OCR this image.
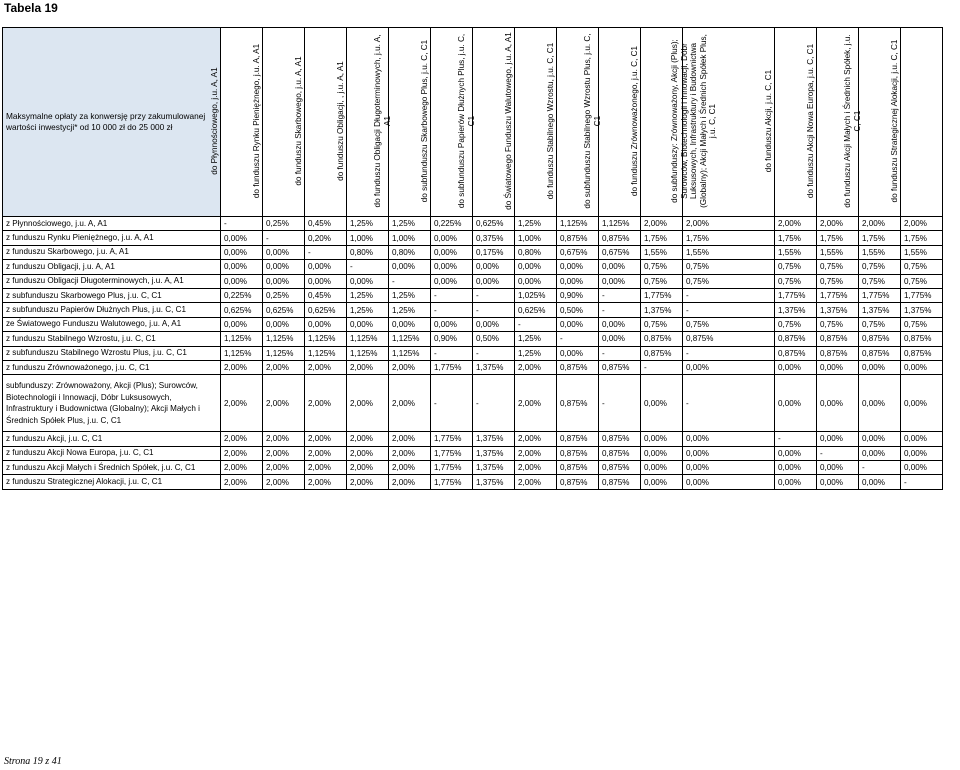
Tabela 19
Maksymalne opłaty za konwersję przy zakumulowanej wartości inwestycji* od 10 000 zł do 25 000 zł	do Płynnościowego, j.u. A, A1	do funduszu Rynku Pieniężnego, j.u. A, A1	do funduszu Skarbowego, j.u. A, A1	do funduszu Obligacji, , j.u. A, A1	do funduszu Obligacji Długoterminowych, j.u. A, A1	do subfunduszu Skarbowego Plus, j.u. C, C1	do subfunduszu Papierów Dłużnych Plus, j.u. C, C1	do Światowego Funduszu Walutowego, j.u. A, A1	do funduszu Stabilnego Wzrostu, j.u. C, C1	do subfunduszu Stabilnego Wzrostu Plus, j.u. C, C1	do funduszu Zrównoważonego, j.u. C, C1	do subfunduszy: Zrównoważony, Akcji (Plus); Surowców, Biotechnologii i Innowacji, Dóbr Luksusowych, Infrastruktury i Budownictwa (Globalny); Akcji Małych i Średnich Spółek Plus, j.u. C, C1	do funduszu Akcji, j.u. C, C1	do funduszu Akcji Nowa Europa, j.u. C, C1	do funduszu Akcji Małych i Średnich Spółek, j.u. C, C1	do funduszu Strategicznej Alokacji, j.u. C, C1

z Płynnościowego, j.u. A, A1	-	0,25%	0,45%	1,25%	1,25%	0,225%	0,625%	1,25%	1,125%	1,125%	2,00%	2,00%	2,00%	2,00%	2,00%	2,00%
z funduszu Rynku Pieniężnego, j.u. A, A1	0,00%	-	0,20%	1,00%	1,00%	0,00%	0,375%	1,00%	0,875%	0,875%	1,75%	1,75%	1,75%	1,75%	1,75%	1,75%
z funduszu Skarbowego, j.u. A, A1	0,00%	0,00%	-	0,80%	0,80%	0,00%	0,175%	0,80%	0,675%	0,675%	1,55%	1,55%	1,55%	1,55%	1,55%	1,55%
z funduszu Obligacji, j.u. A, A1	0,00%	0,00%	0,00%	-	0,00%	0,00%	0,00%	0,00%	0,00%	0,00%	0,75%	0,75%	0,75%	0,75%	0,75%	0,75%
z funduszu Obligacji Długoterminowych, j.u. A, A1	0,00%	0,00%	0,00%	0,00%	-	0,00%	0,00%	0,00%	0,00%	0,00%	0,75%	0,75%	0,75%	0,75%	0,75%	0,75%
z subfunduszu Skarbowego Plus, j.u. C, C1	0,225%	0,25%	0,45%	1,25%	1,25%	-	-	1,025%	0,90%	-	1,775%	-	1,775%	1,775%	1,775%	1,775%
z subfunduszu Papierów Dłużnych Plus, j.u. C, C1	0,625%	0,625%	0,625%	1,25%	1,25%	-	-	0,625%	0,50%	-	1,375%	-	1,375%	1,375%	1,375%	1,375%
ze Światowego Funduszu Walutowego, j.u. A, A1	0,00%	0,00%	0,00%	0,00%	0,00%	0,00%	0,00%	-	0,00%	0,00%	0,75%	0,75%	0,75%	0,75%	0,75%	0,75%
z funduszu Stabilnego Wzrostu, j.u. C, C1	1,125%	1,125%	1,125%	1,125%	1,125%	0,90%	0,50%	1,25%	-	0,00%	0,875%	0,875%	0,875%	0,875%	0,875%	0,875%
z subfunduszu Stabilnego Wzrostu Plus, j.u. C, C1	1,125%	1,125%	1,125%	1,125%	1,125%	-	-	1,25%	0,00%	-	0,875%	-	0,875%	0,875%	0,875%	0,875%
z funduszu Zrównoważonego, j.u. C, C1	2,00%	2,00%	2,00%	2,00%	2,00%	1,775%	1,375%	2,00%	0,875%	0,875%	-	0,00%	0,00%	0,00%	0,00%	0,00%
subfunduszy: Zrównoważony, Akcji (Plus); Surowców, Biotechnologii i Innowacji, Dóbr Luksusowych, Infrastruktury i Budownictwa (Globalny); Akcji Małych i Średnich Spółek Plus, j.u. C, C1	2,00%	2,00%	2,00%	2,00%	2,00%	-	-	2,00%	0,875%	-	0,00%	-	0,00%	0,00%	0,00%	0,00%
z funduszu Akcji, j.u. C, C1	2,00%	2,00%	2,00%	2,00%	2,00%	1,775%	1,375%	2,00%	0,875%	0,875%	0,00%	0,00%	-	0,00%	0,00%	0,00%
z funduszu Akcji Nowa Europa, j.u. C, C1	2,00%	2,00%	2,00%	2,00%	2,00%	1,775%	1,375%	2,00%	0,875%	0,875%	0,00%	0,00%	0,00%	-	0,00%	0,00%
z funduszu Akcji Małych i Średnich Spółek, j.u. C, C1	2,00%	2,00%	2,00%	2,00%	2,00%	1,775%	1,375%	2,00%	0,875%	0,875%	0,00%	0,00%	0,00%	0,00%	-	0,00%
z funduszu Strategicznej Alokacji, j.u. C, C1	2,00%	2,00%	2,00%	2,00%	2,00%	1,775%	1,375%	2,00%	0,875%	0,875%	0,00%	0,00%	0,00%	0,00%	0,00%	-
Strona 19 z 41
